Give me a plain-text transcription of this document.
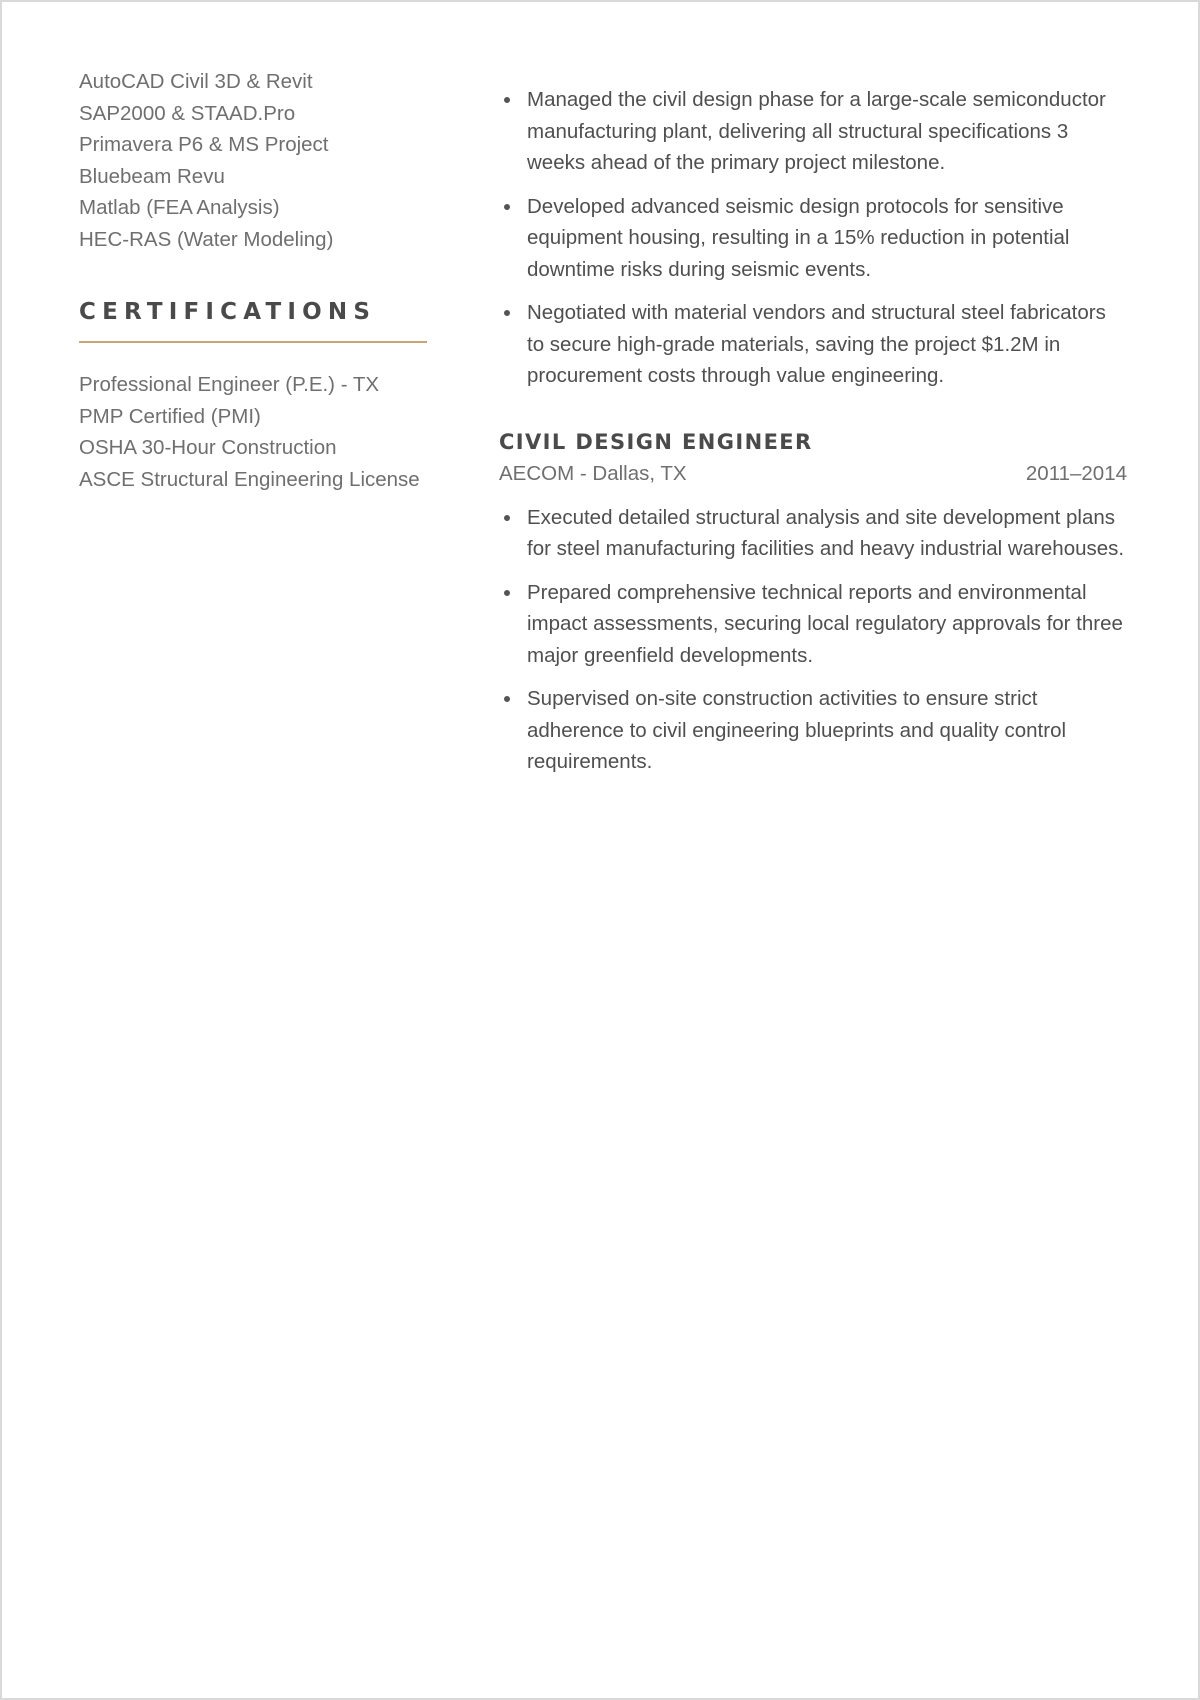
AutoCAD Civil 3D & Revit
SAP2000 & STAAD.Pro
Primavera P6 & MS Project
Bluebeam Revu
Matlab (FEA Analysis)
HEC-RAS (Water Modeling)
CERTIFICATIONS
Professional Engineer (P.E.) - TX
PMP Certified (PMI)
OSHA 30-Hour Construction
ASCE Structural Engineering License
Managed the civil design phase for a large-scale semiconductor manufacturing plant, delivering all structural specifications 3 weeks ahead of the primary project milestone.
Developed advanced seismic design protocols for sensitive equipment housing, resulting in a 15% reduction in potential downtime risks during seismic events.
Negotiated with material vendors and structural steel fabricators to secure high-grade materials, saving the project $1.2M in procurement costs through value engineering.
CIVIL DESIGN ENGINEER
AECOM - Dallas, TX	2011–2014
Executed detailed structural analysis and site development plans for steel manufacturing facilities and heavy industrial warehouses.
Prepared comprehensive technical reports and environmental impact assessments, securing local regulatory approvals for three major greenfield developments.
Supervised on-site construction activities to ensure strict adherence to civil engineering blueprints and quality control requirements.
